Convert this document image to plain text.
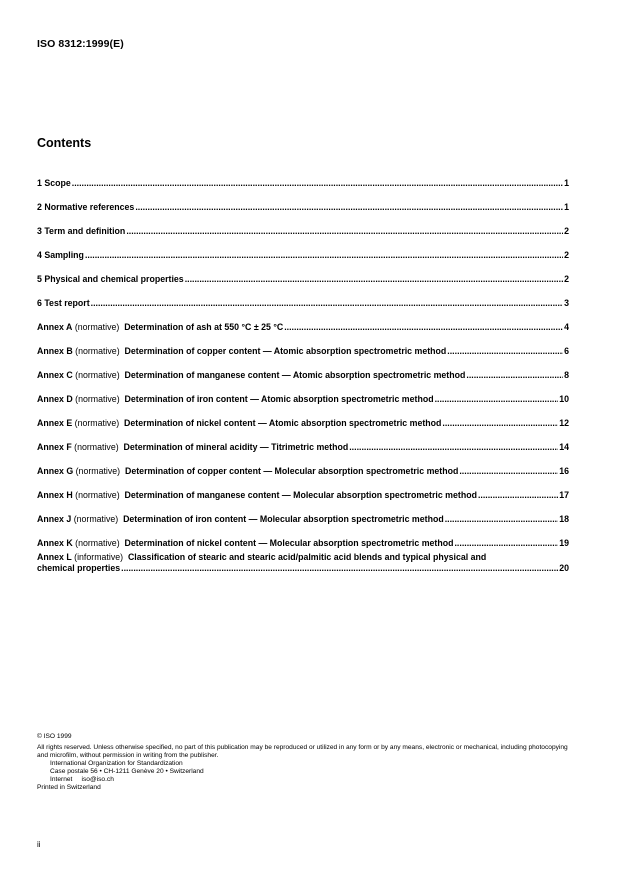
ISO 8312:1999(E)
Contents
1 Scope .....	1
2 Normative references .....	1
3 Term and definition .....	2
4 Sampling .....	2
5 Physical and chemical properties .....	2
6 Test report .....	3
Annex A (normative) Determination of ash at 550 °C ± 25 °C .....	4
Annex B (normative) Determination of copper content — Atomic absorption spectrometric method .....	6
Annex C (normative) Determination of manganese content — Atomic absorption spectrometric method .....	8
Annex D (normative) Determination of iron content — Atomic absorption spectrometric method .....	10
Annex E (normative) Determination of nickel content — Atomic absorption spectrometric method .....	12
Annex F (normative) Determination of mineral acidity — Titrimetric method .....	14
Annex G (normative) Determination of copper content — Molecular absorption spectrometric method .....	16
Annex H (normative) Determination of manganese content — Molecular absorption spectrometric method .....	17
Annex J (normative) Determination of iron content — Molecular absorption spectrometric method .....	18
Annex K (normative) Determination of nickel content — Molecular absorption spectrometric method .....	19
Annex L (informative) Classification of stearic and stearic acid/palmitic acid blends and typical physical and
chemical properties .....	20
© ISO 1999
All rights reserved. Unless otherwise specified, no part of this publication may be reproduced or utilized in any form or by any means, electronic or mechanical, including photocopying and microfilm, without permission in writing from the publisher.
International Organization for Standardization
Case postale 56 • CH-1211 Genève 20 • Switzerland
Internet     iso@iso.ch
Printed in Switzerland
ii
